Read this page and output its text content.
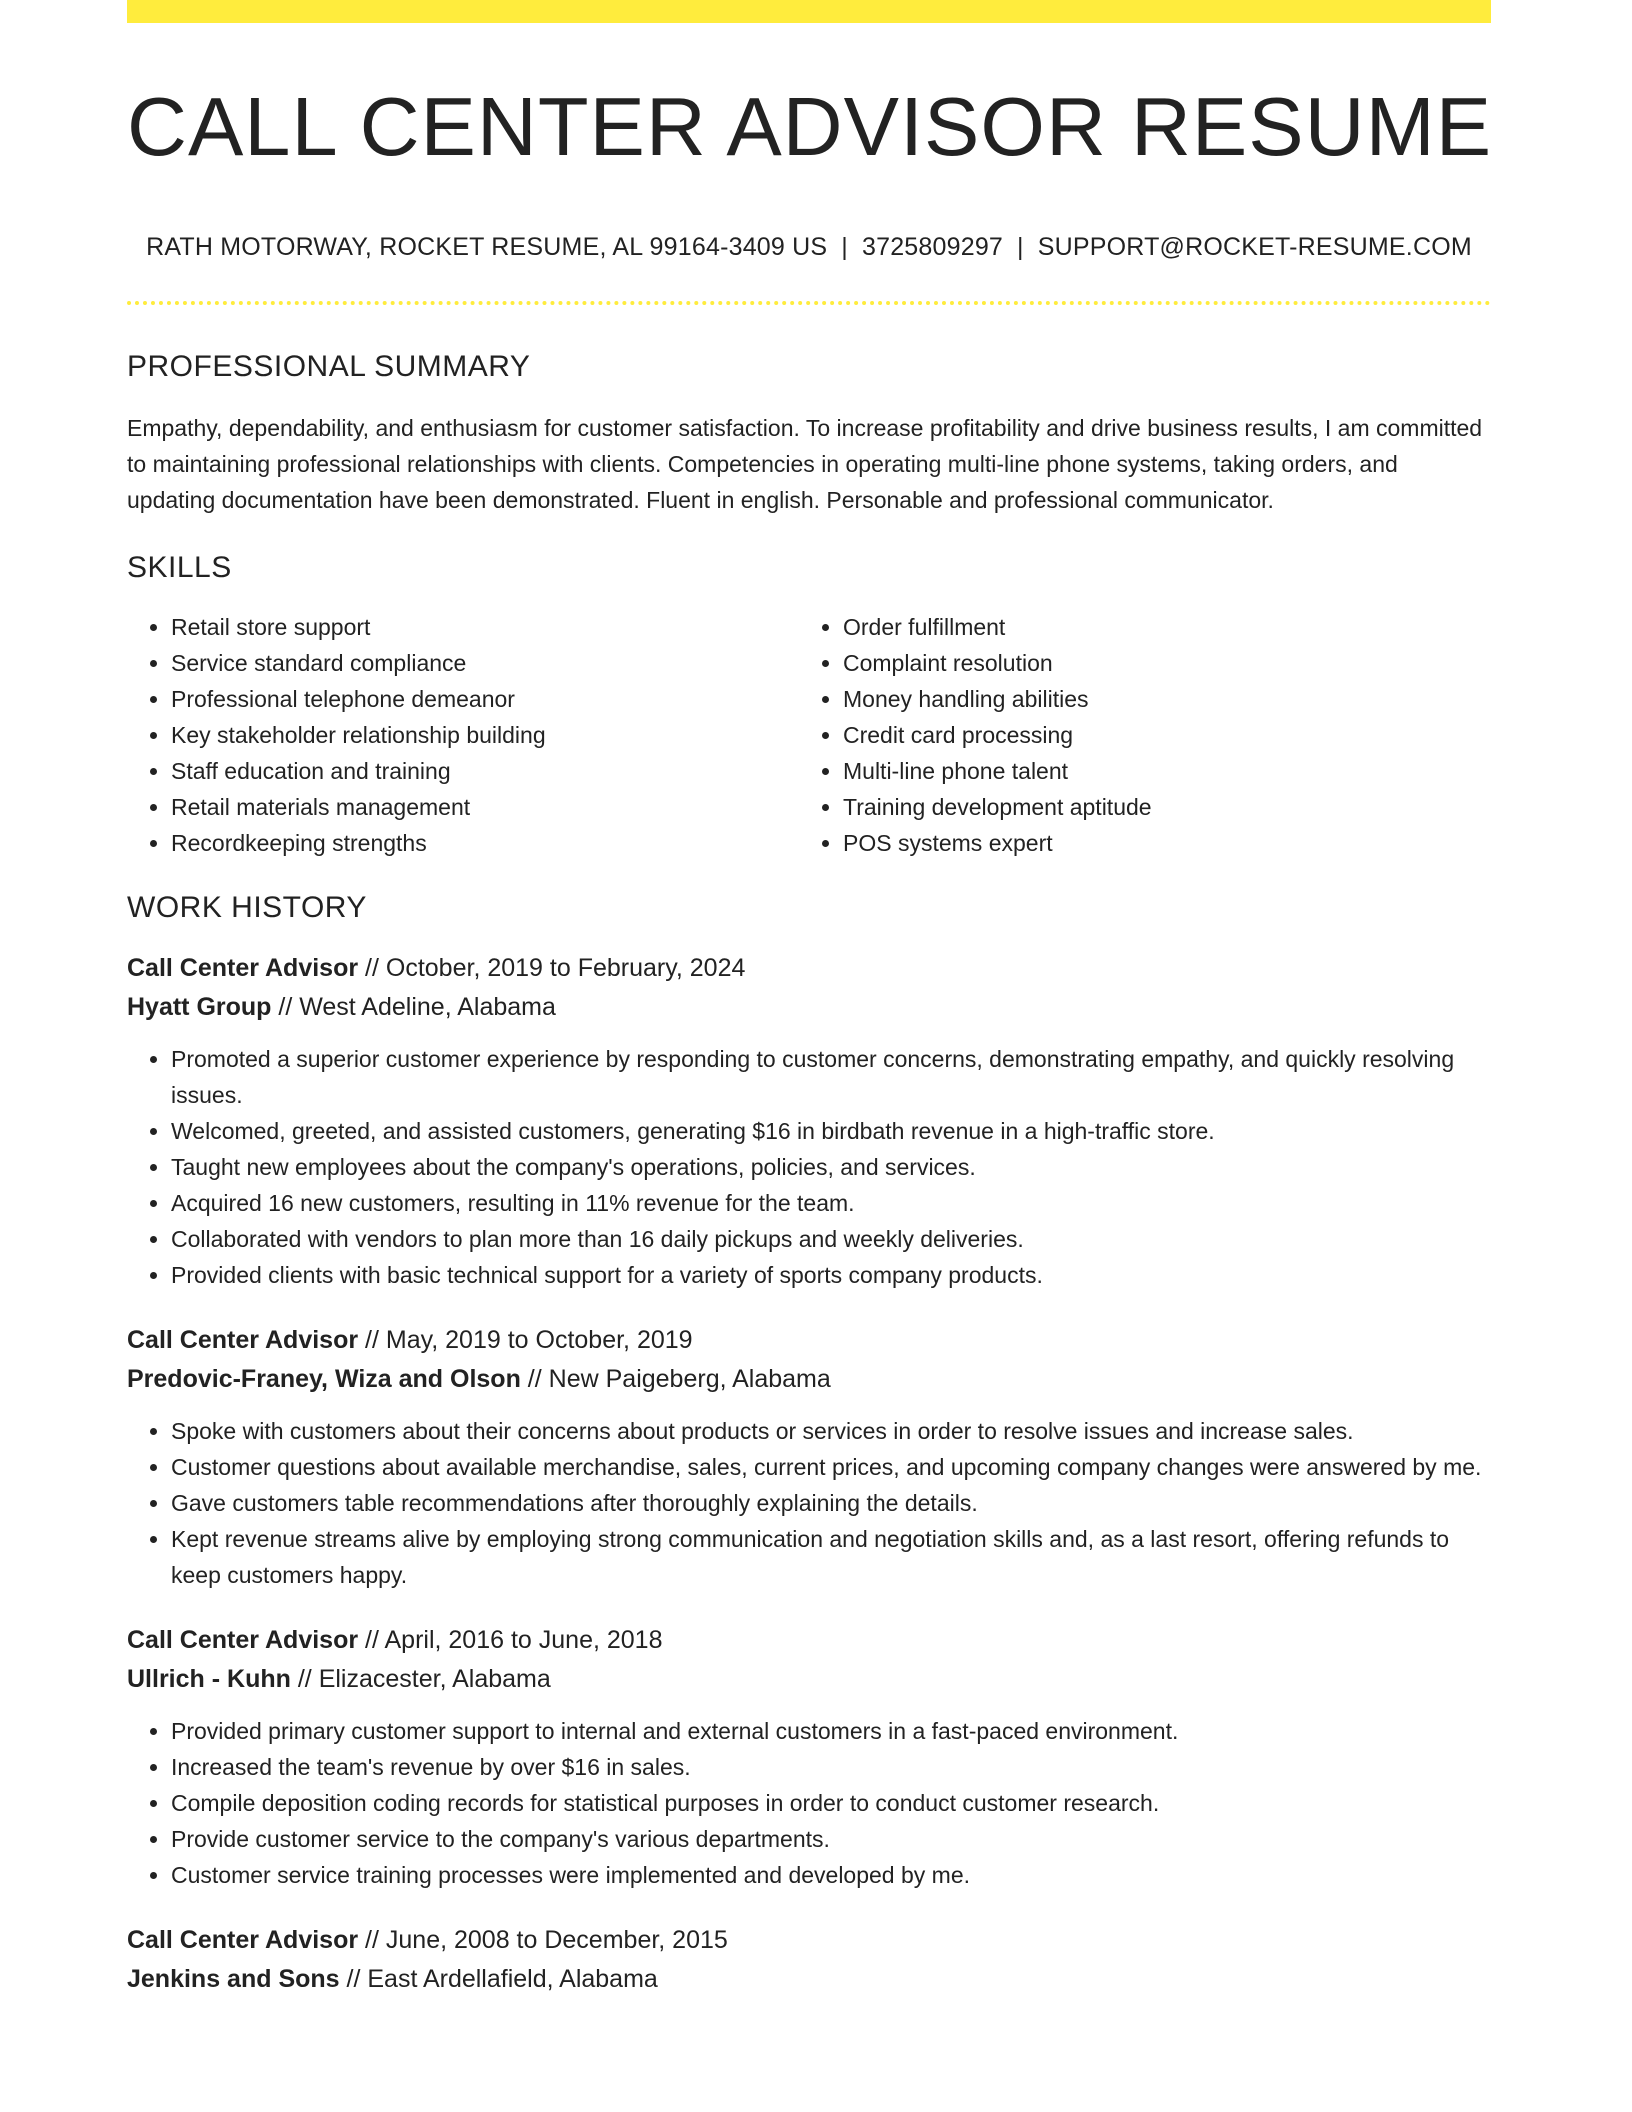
CALL CENTER ADVISOR RESUME
RATH MOTORWAY, ROCKET RESUME, AL 99164-3409 US | 3725809297 | SUPPORT@ROCKET-RESUME.COM
PROFESSIONAL SUMMARY
Empathy, dependability, and enthusiasm for customer satisfaction. To increase profitability and drive business results, I am committed to maintaining professional relationships with clients. Competencies in operating multi-line phone systems, taking orders, and updating documentation have been demonstrated. Fluent in english. Personable and professional communicator.
SKILLS
• Retail store support
• Service standard compliance
• Professional telephone demeanor
• Key stakeholder relationship building
• Staff education and training
• Retail materials management
• Recordkeeping strengths
• Order fulfillment
• Complaint resolution
• Money handling abilities
• Credit card processing
• Multi-line phone talent
• Training development aptitude
• POS systems expert
WORK HISTORY
Call Center Advisor // October, 2019 to February, 2024
Hyatt Group // West Adeline, Alabama
• Promoted a superior customer experience by responding to customer concerns, demonstrating empathy, and quickly resolving issues.
• Welcomed, greeted, and assisted customers, generating $16 in birdbath revenue in a high-traffic store.
• Taught new employees about the company's operations, policies, and services.
• Acquired 16 new customers, resulting in 11% revenue for the team.
• Collaborated with vendors to plan more than 16 daily pickups and weekly deliveries.
• Provided clients with basic technical support for a variety of sports company products.
Call Center Advisor // May, 2019 to October, 2019
Predovic-Franey, Wiza and Olson // New Paigeberg, Alabama
• Spoke with customers about their concerns about products or services in order to resolve issues and increase sales.
• Customer questions about available merchandise, sales, current prices, and upcoming company changes were answered by me.
• Gave customers table recommendations after thoroughly explaining the details.
• Kept revenue streams alive by employing strong communication and negotiation skills and, as a last resort, offering refunds to keep customers happy.
Call Center Advisor // April, 2016 to June, 2018
Ullrich - Kuhn // Elizacester, Alabama
• Provided primary customer support to internal and external customers in a fast-paced environment.
• Increased the team's revenue by over $16 in sales.
• Compile deposition coding records for statistical purposes in order to conduct customer research.
• Provide customer service to the company's various departments.
• Customer service training processes were implemented and developed by me.
Call Center Advisor // June, 2008 to December, 2015
Jenkins and Sons // East Ardellafield, Alabama
